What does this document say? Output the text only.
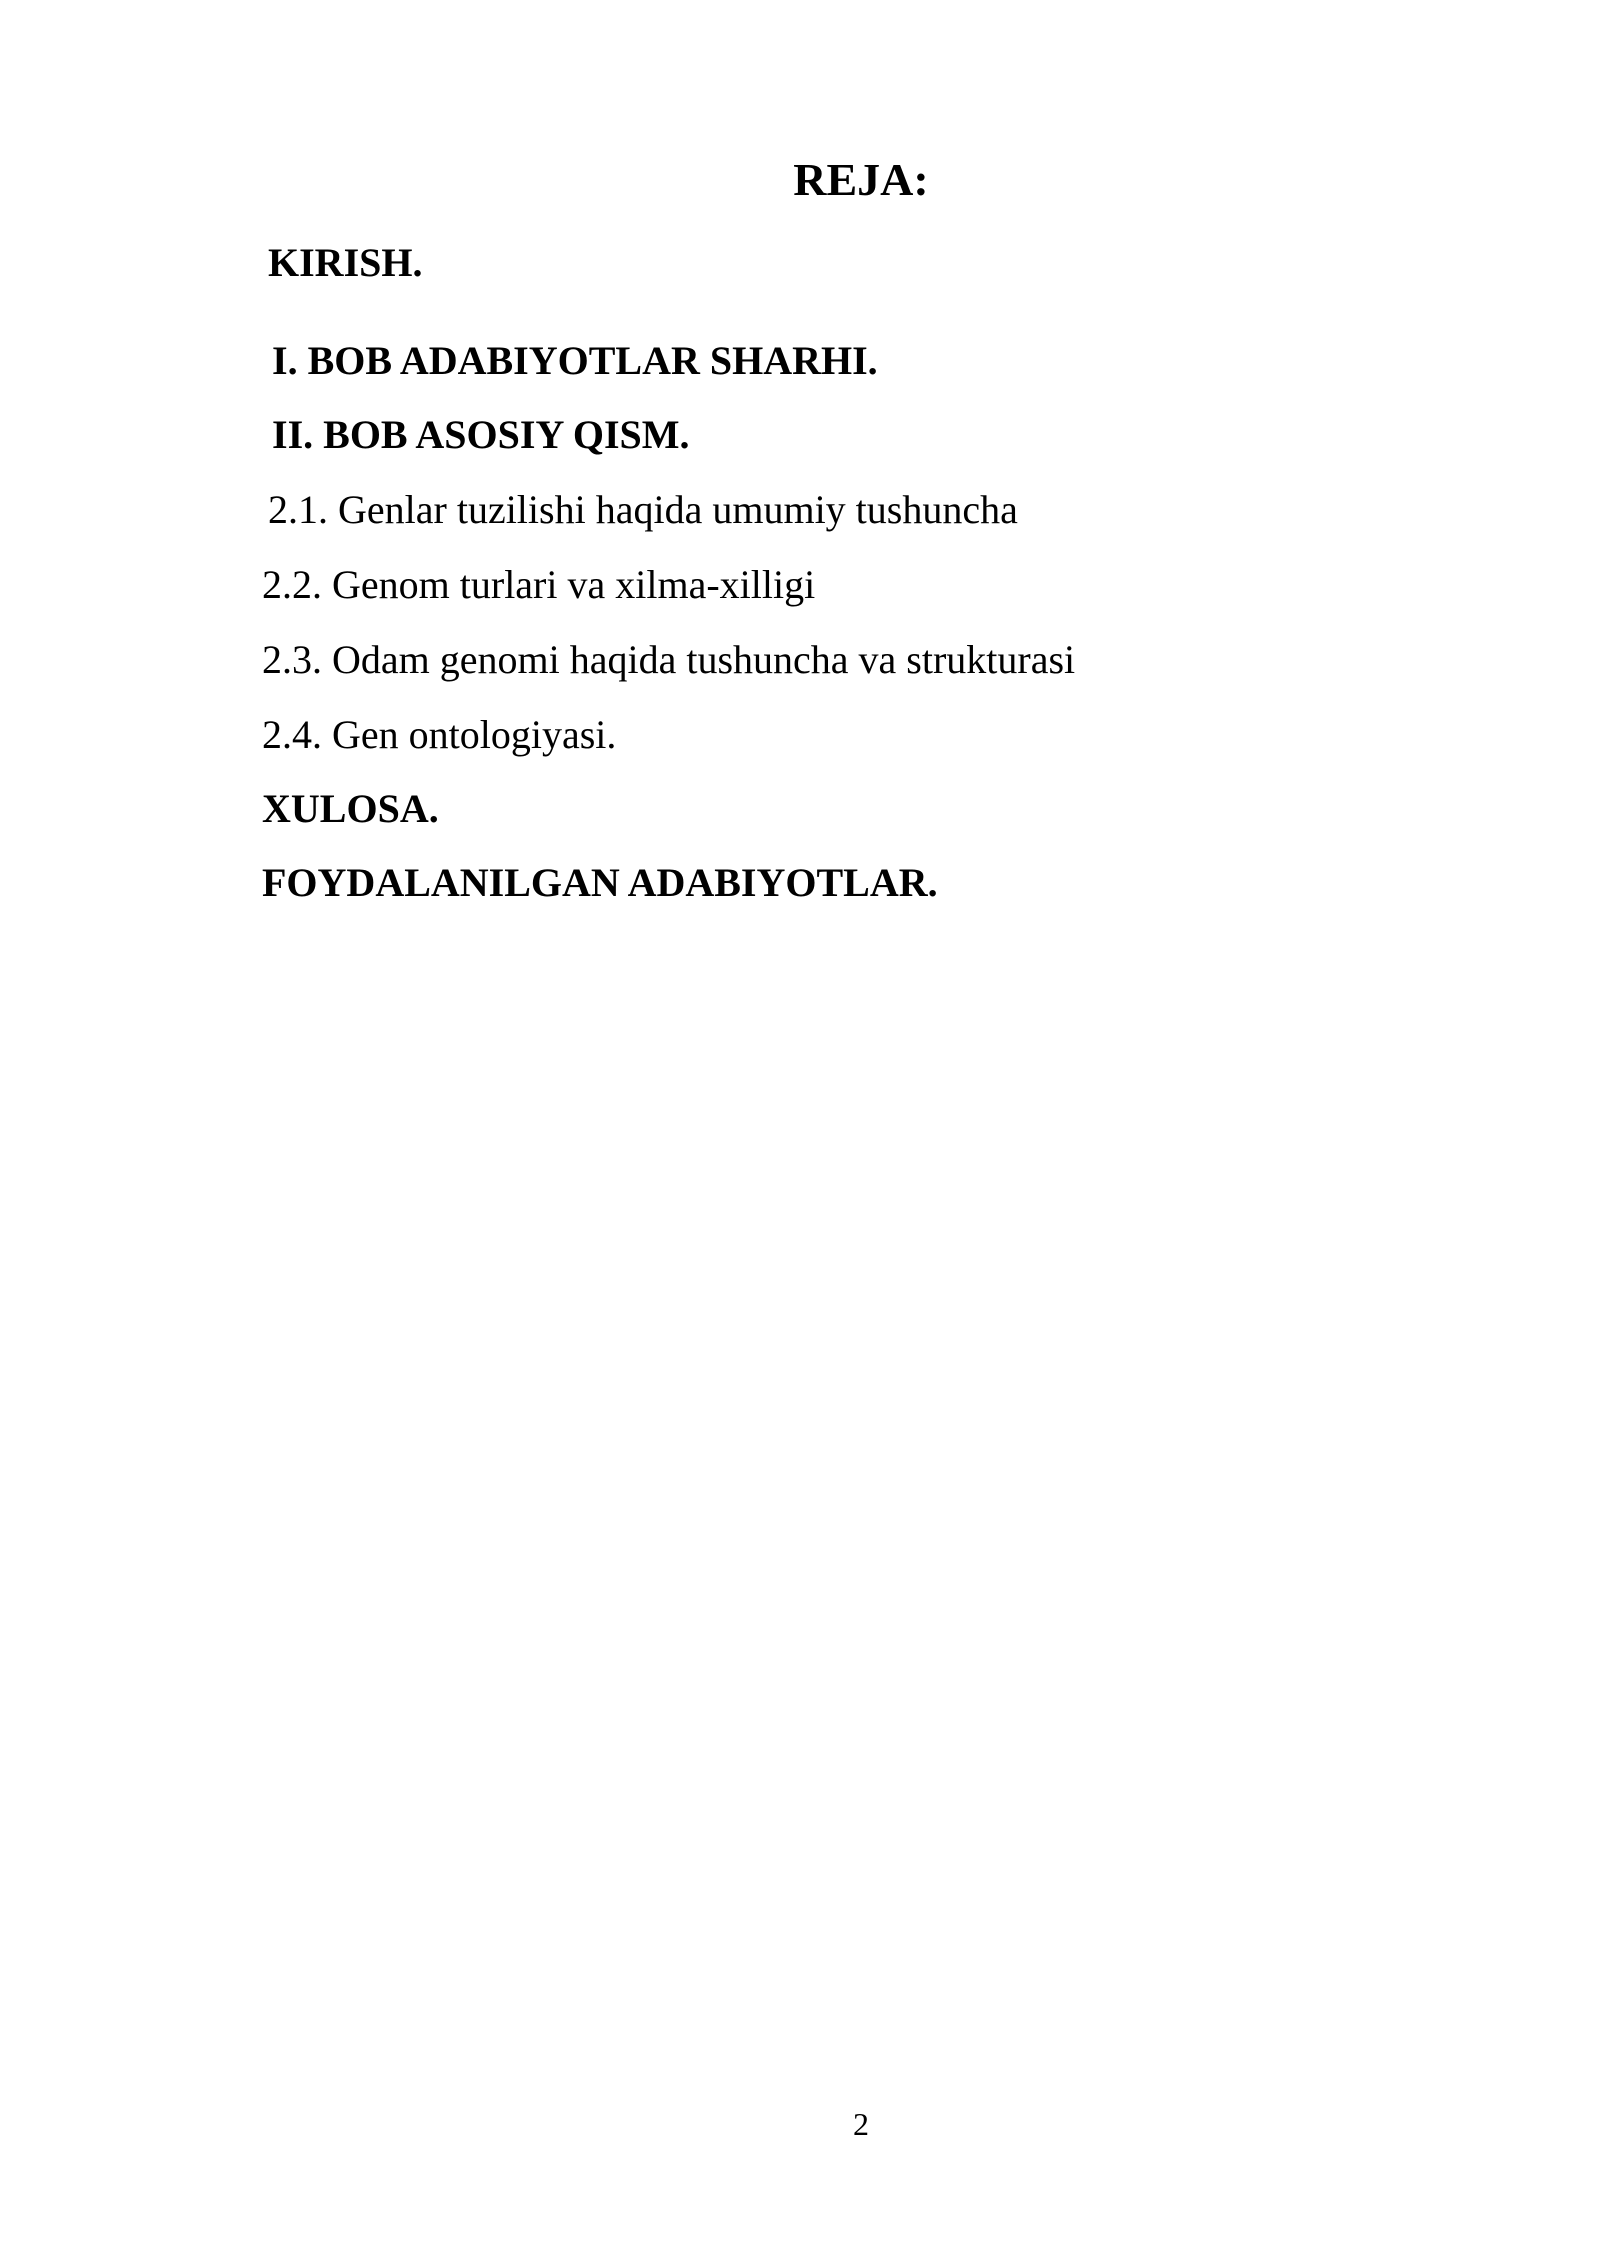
REJA:
KIRISH.
I. BOB ADABIYOTLAR SHARHI.
II. BOB ASOSIY QISM.
2.1. Genlar tuzilishi haqida umumiy tushuncha
2.2. Genom turlari va xilma-xilligi
2.3. Odam genomi haqida tushuncha va strukturasi
2.4. Gen ontologiyasi.
XULOSA.
FOYDALANILGAN ADABIYOTLAR.
2
